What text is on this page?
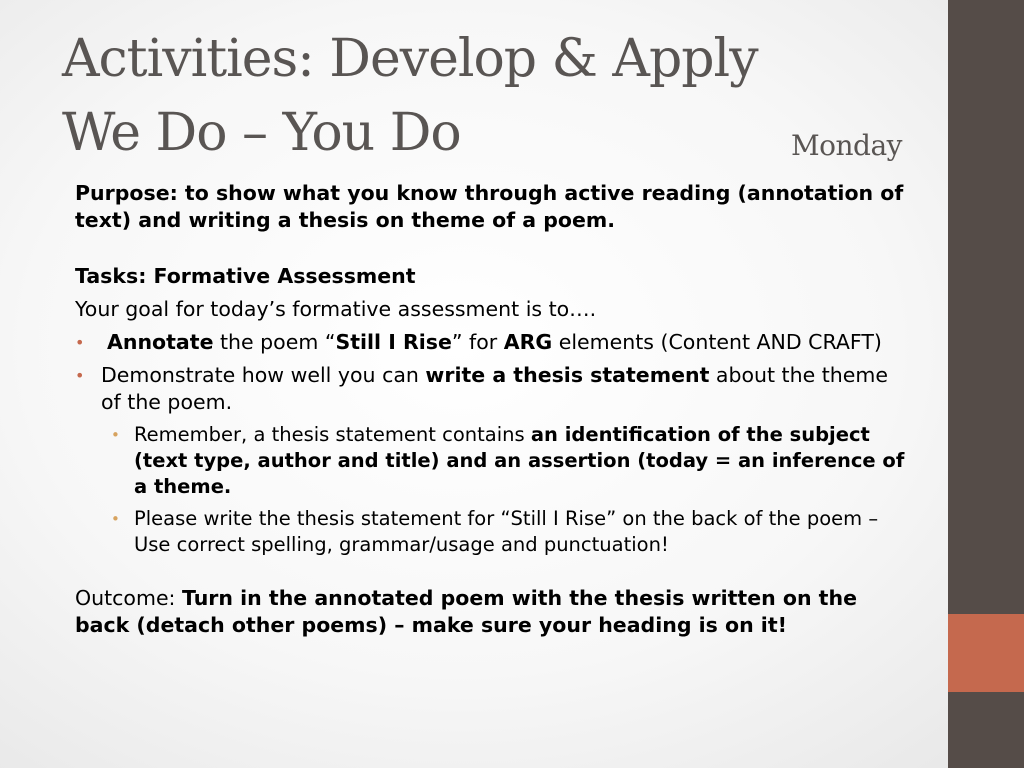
Activities: Develop & Apply
We Do – You Do	Monday

Purpose: to show what you know through active reading (annotation of text) and writing a thesis on theme of a poem.

Tasks: Formative Assessment

Your goal for today’s formative assessment is to….

• Annotate the poem “Still I Rise” for ARG elements (Content AND CRAFT)
• Demonstrate how well you can write a thesis statement about the theme of the poem.
• Remember, a thesis statement contains an identification of the subject (text type, author and title) and an assertion (today = an inference of a theme.
• Please write the thesis statement for “Still I Rise” on the back of the poem – Use correct spelling, grammar/usage and punctuation!

Outcome: Turn in the annotated poem with the thesis written on the back (detach other poems) – make sure your heading is on it!
